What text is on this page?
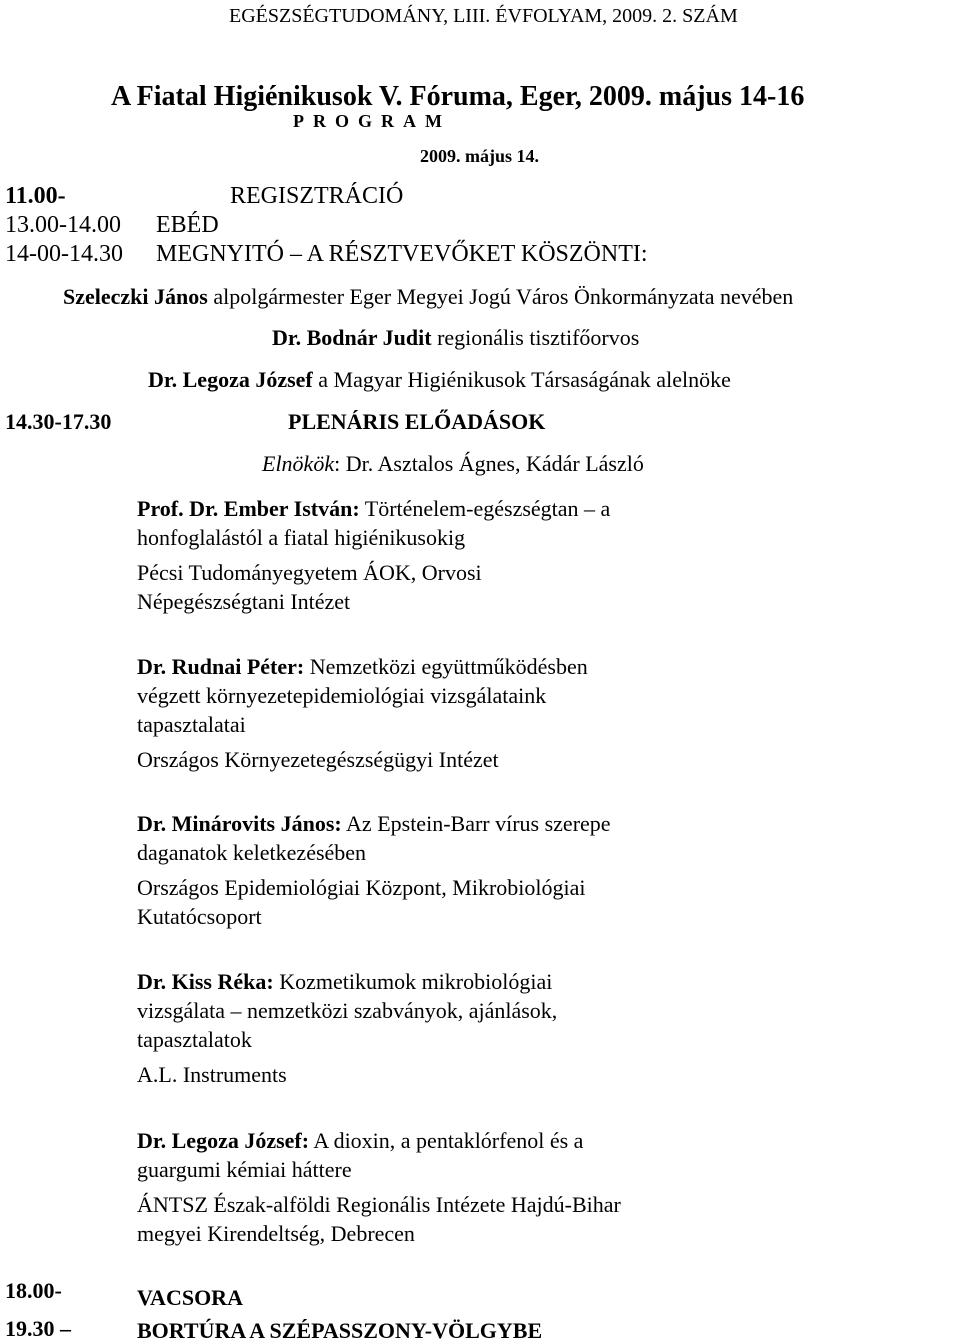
EGÉSZSÉGTUDOMÁNY, LIII. ÉVFOLYAM, 2009. 2. SZÁM
A Fiatal Higiénikusok V. Fóruma, Eger, 2009. május 14-16
PROGRAM
2009. május 14.
11.00-	REGISZTRÁCIÓ
13.00-14.00 EBÉD
14-00-14.30 MEGNYITÓ – A RÉSZTVEVŐKET KÖSZÖNTI:
Szeleczki János alpolgármester Eger Megyei Jogú Város Önkormányzata nevében
Dr. Bodnár Judit regionális tisztifőorvos
Dr. Legoza József a Magyar Higiénikusok Társaságának alelnöke
14.30-17.30	PLENÁRIS ELŐADÁSOK
Elnökök: Dr. Asztalos Ágnes, Kádár László

Prof. Dr. Ember István: Történelem-egészségtan – a

honfoglalástól a fiatal higiénikusokig

Pécsi Tudományegyetem ÁOK, Orvosi

Népegészségtani Intézet

Dr. Rudnai Péter: Nemzetközi együttműködésben

végzett környezetepidemiológiai vizsgálataink

tapasztalatai

Országos Környezetegészségügyi Intézet

Dr. Minárovits János: Az Epstein-Barr vírus szerepe

daganatok keletkezésében

Országos Epidemiológiai Központ, Mikrobiológiai

Kutatócsoport

Dr. Kiss Réka: Kozmetikumok mikrobiológiai

vizsgálata – nemzetközi szabványok, ajánlások,

tapasztalatok

A.L. Instruments

Dr. Legoza József: A dioxin, a pentaklórfenol és a

guargumi kémiai háttere

ÁNTSZ Észak-alföldi Regionális Intézete Hajdú-Bihar

megyei Kirendeltség, Debrecen

18.00-	VACSORA
19.30 –	BORTÚRA A SZÉPASSZONY-VÖLGYBE
